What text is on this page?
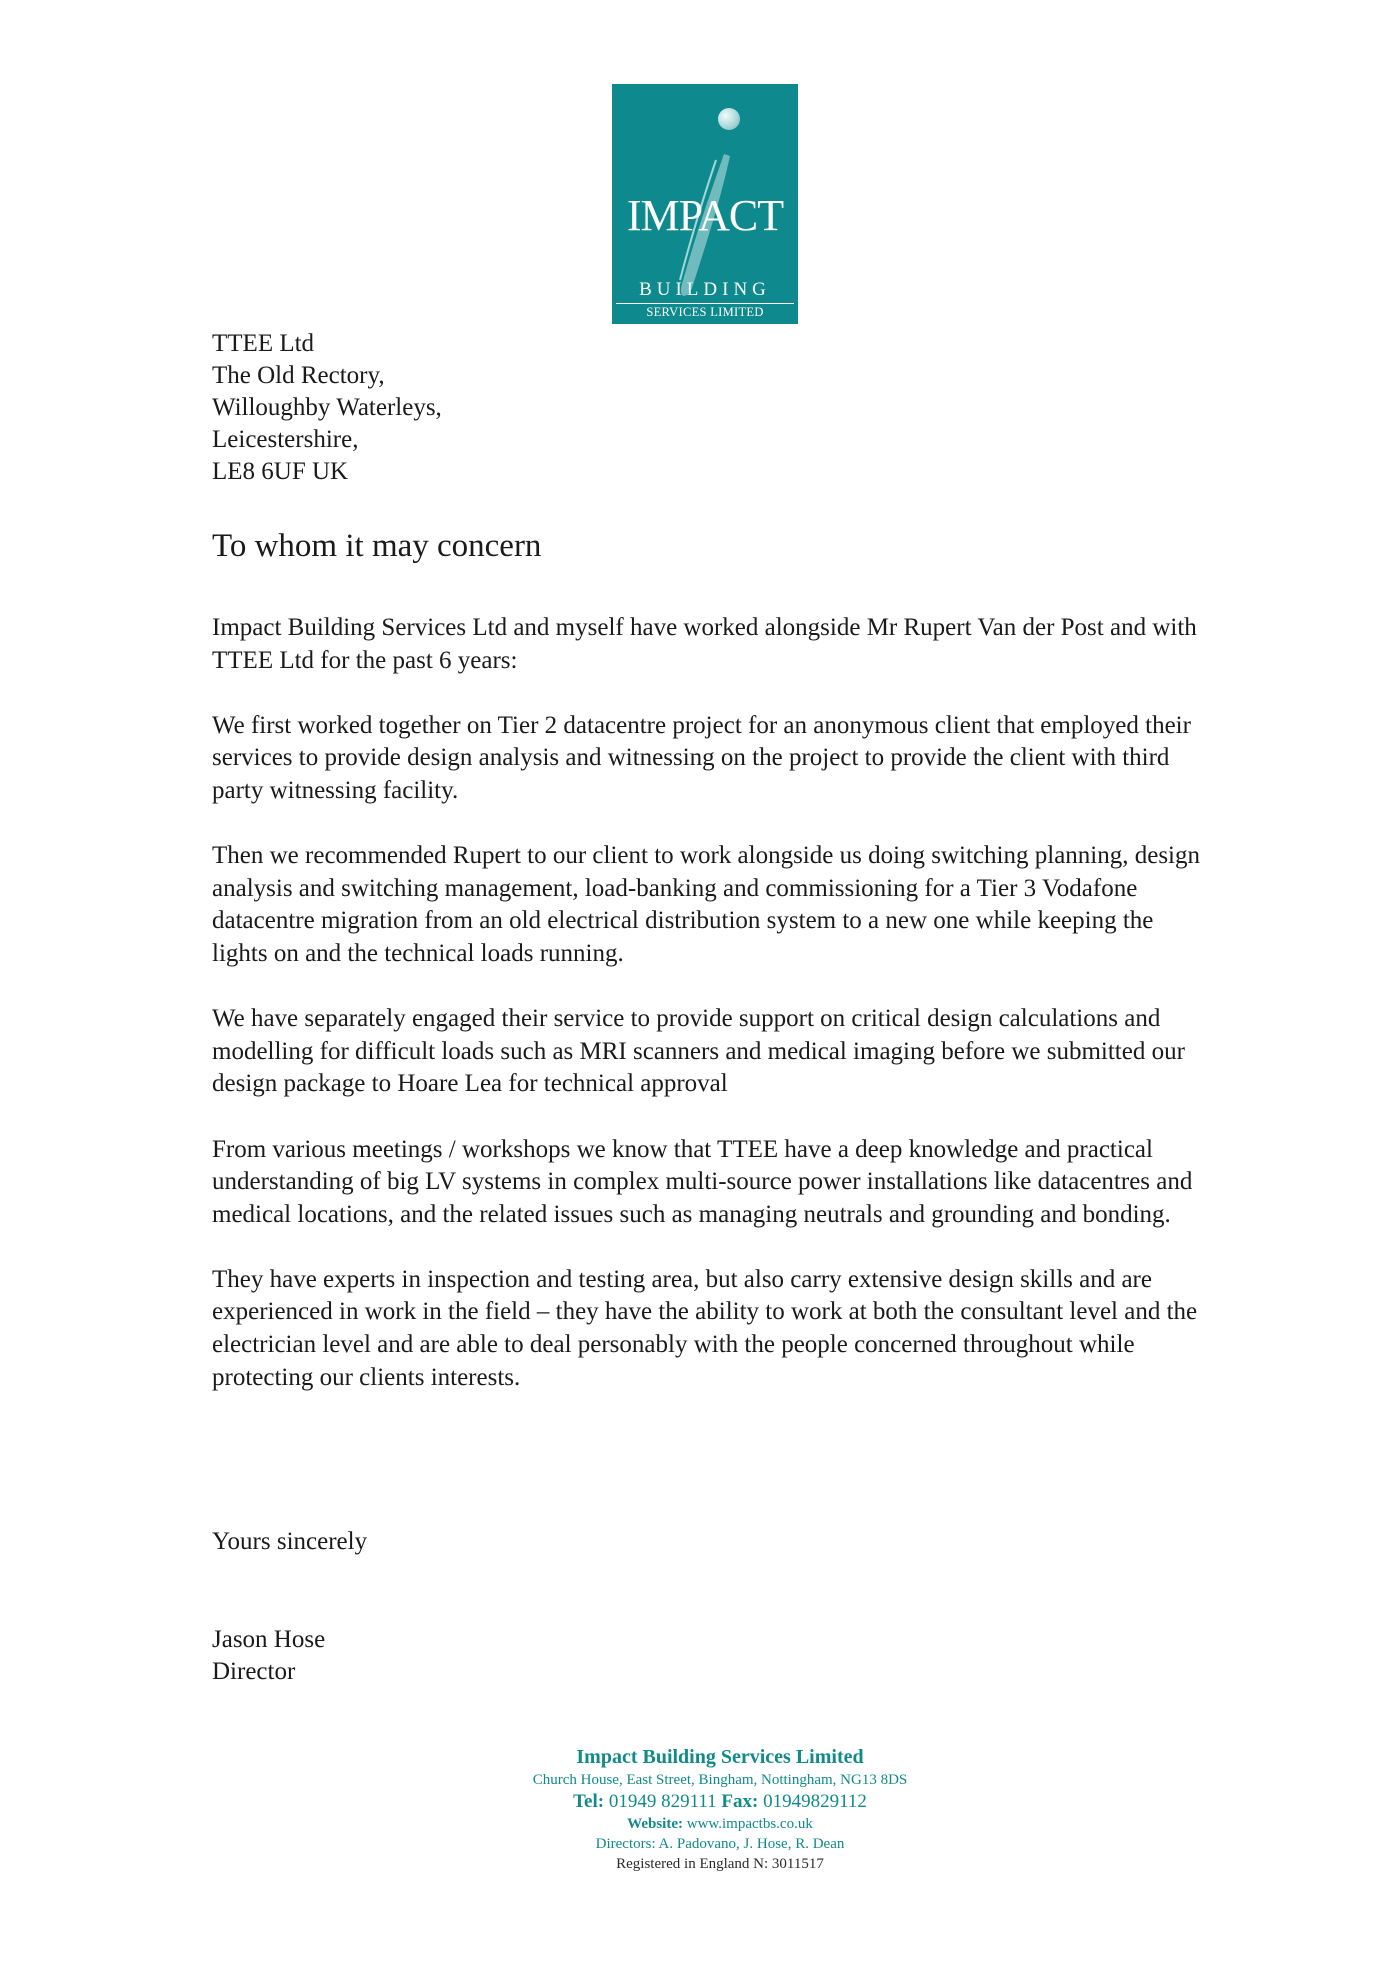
IMPACT
BUILDING
SERVICES LIMITED
TTEE Ltd
The Old Rectory,
Willoughby Waterleys,
Leicestershire,
LE8 6UF UK
To whom it may concern

Impact Building Services Ltd and myself have worked alongside Mr Rupert Van der Post and with TTEE Ltd for the past 6 years:

We first worked together on Tier 2 datacentre project for an anonymous client that employed their services to provide design analysis and witnessing on the project to provide the client with third party witnessing facility.

Then we recommended Rupert to our client to work alongside us doing switching planning, design analysis and switching management, load-banking and commissioning for a Tier 3 Vodafone datacentre migration from an old electrical distribution system to a new one while keeping the lights on and the technical loads running.

We have separately engaged their service to provide support on critical design calculations and modelling for difficult loads such as MRI scanners and medical imaging before we submitted our design package to Hoare Lea for technical approval

From various meetings / workshops we know that TTEE have a deep knowledge and practical understanding of big LV systems in complex multi-source power installations like datacentres and medical locations, and the related issues such as managing neutrals and grounding and bonding.

They have experts in inspection and testing area, but also carry extensive design skills and are experienced in work in the field – they have the ability to work at both the consultant level and the electrician level and are able to deal personably with the people concerned throughout while protecting our clients interests.

Yours sincerely
Jason Hose
Director
Impact Building Services Limited
Church House, East Street, Bingham, Nottingham, NG13 8DS
Tel: 01949 829111 Fax: 01949829112
Website: www.impactbs.co.uk
Directors: A. Padovano, J. Hose, R. Dean
Registered in England N: 3011517
